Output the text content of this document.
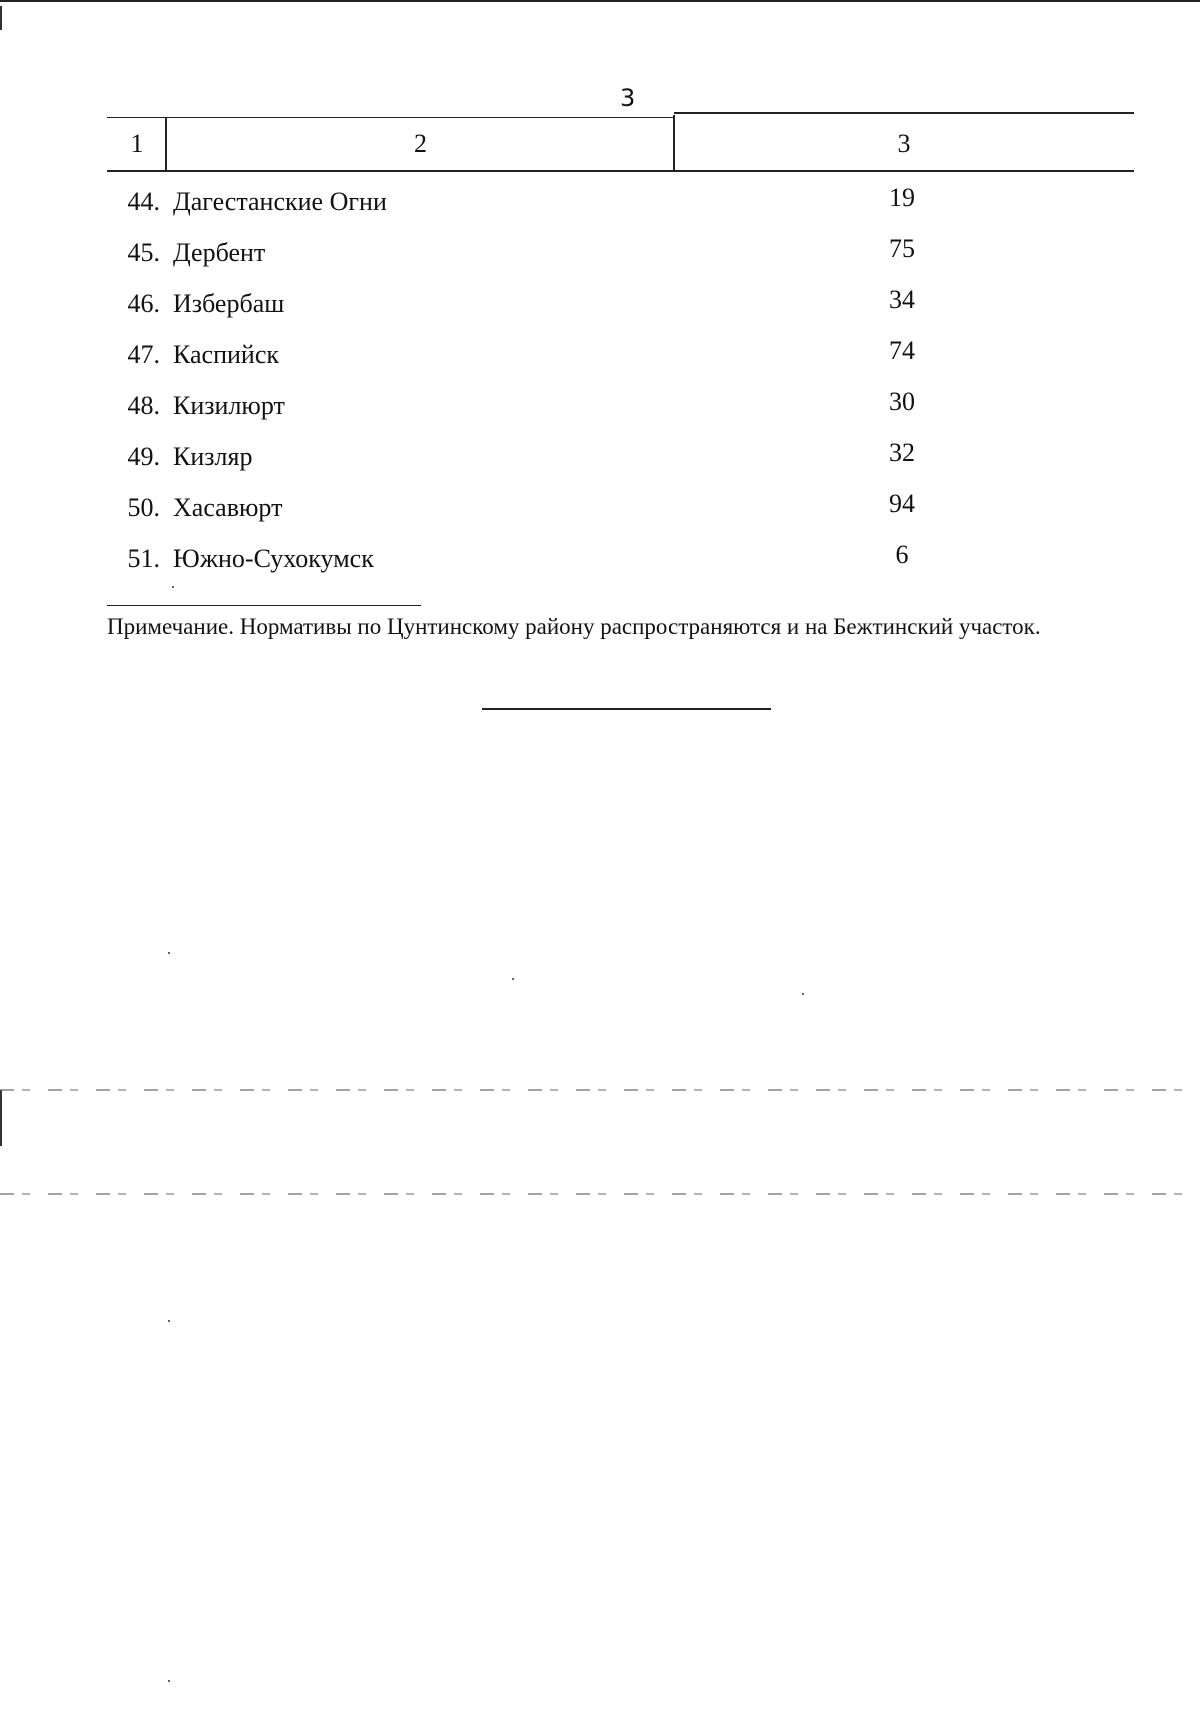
3
1	2	3
44. Дагестанские Огни	19
45. Дербент	75
46. Избербаш	34
47. Каспийск	74
48. Кизилюрт	30
49. Кизляр	32
50. Хасавюрт	94
51. Южно-Сухокумск	6
Примечание. Нормативы по Цунтинскому району распространяются и на Бежтинский участок.
